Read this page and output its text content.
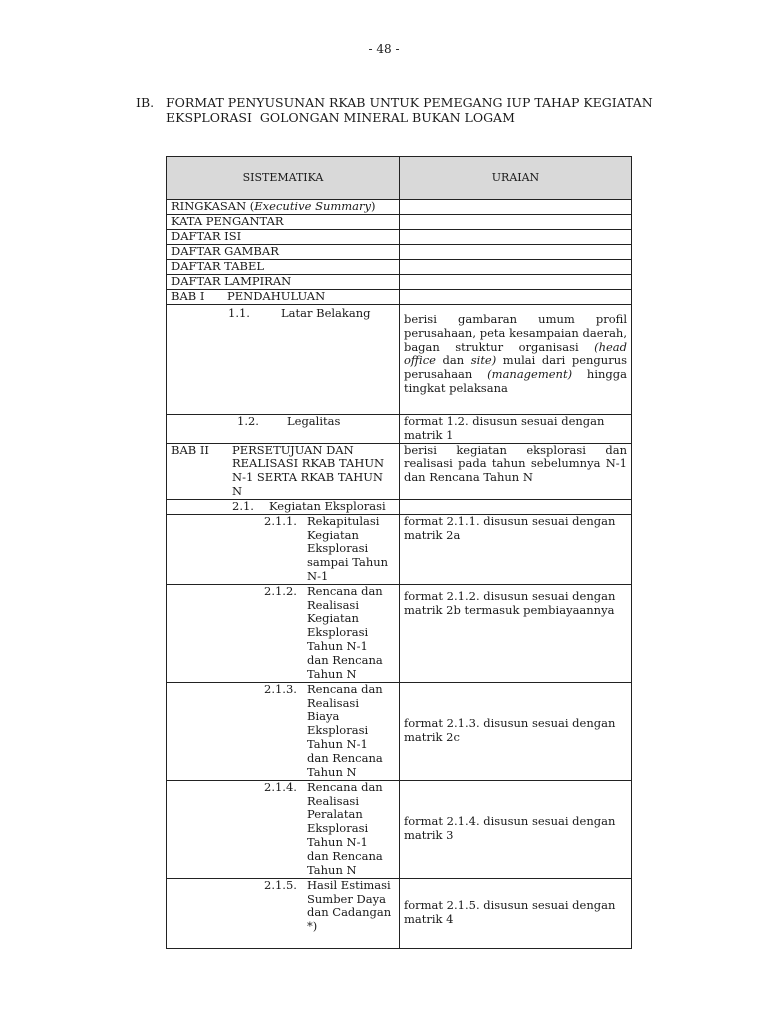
- 48 -
IB. FORMAT PENYUSUNAN RKAB UNTUK PEMEGANG IUP TAHAP KEGIATAN
EKSPLORASI  GOLONGAN MINERAL BUKAN LOGAM
SISTEMATIKA	URAIAN
RINGKASAN (Executive Summary)	
KATA PENGANTAR	
DAFTAR ISI	
DAFTAR GAMBAR	
DAFTAR TABEL	
DAFTAR LAMPIRAN	

BAB I PENDAHULUAN	

1.1. Latar Belakang	berisi gambaran umum profil perusahaan, peta kesampaian daerah, bagan struktur organisasi (head office dan site) mulai dari pengurus perusahaan (management) hingga tingkat pelaksana

1.2. Legalitas	format 1.2. disusun sesuai dengan matrik 1

BAB II PERSETUJUAN DAN REALISASI RKAB TAHUN N-1 SERTA RKAB TAHUN N	berisi kegiatan eksplorasi dan realisasi pada tahun sebelumnya N-1 dan Rencana Tahun N

2.1. Kegiatan Eksplorasi	

2.1.1. Rekapitulasi Kegiatan Eksplorasi sampai Tahun N-1	format 2.1.1. disusun sesuai dengan matrik 2a

2.1.2. Rencana dan Realisasi Kegiatan Eksplorasi Tahun N-1 dan Rencana Tahun N	format 2.1.2. disusun sesuai dengan matrik 2b termasuk pembiayaannya

2.1.3. Rencana dan Realisasi Biaya Eksplorasi Tahun N-1 dan Rencana Tahun N	format 2.1.3. disusun sesuai dengan matrik 2c

2.1.4. Rencana dan Realisasi Peralatan Eksplorasi Tahun N-1 dan Rencana Tahun N	format 2.1.4. disusun sesuai dengan matrik 3

2.1.5. Hasil Estimasi Sumber Daya dan Cadangan *)	format 2.1.5. disusun sesuai dengan matrik 4
